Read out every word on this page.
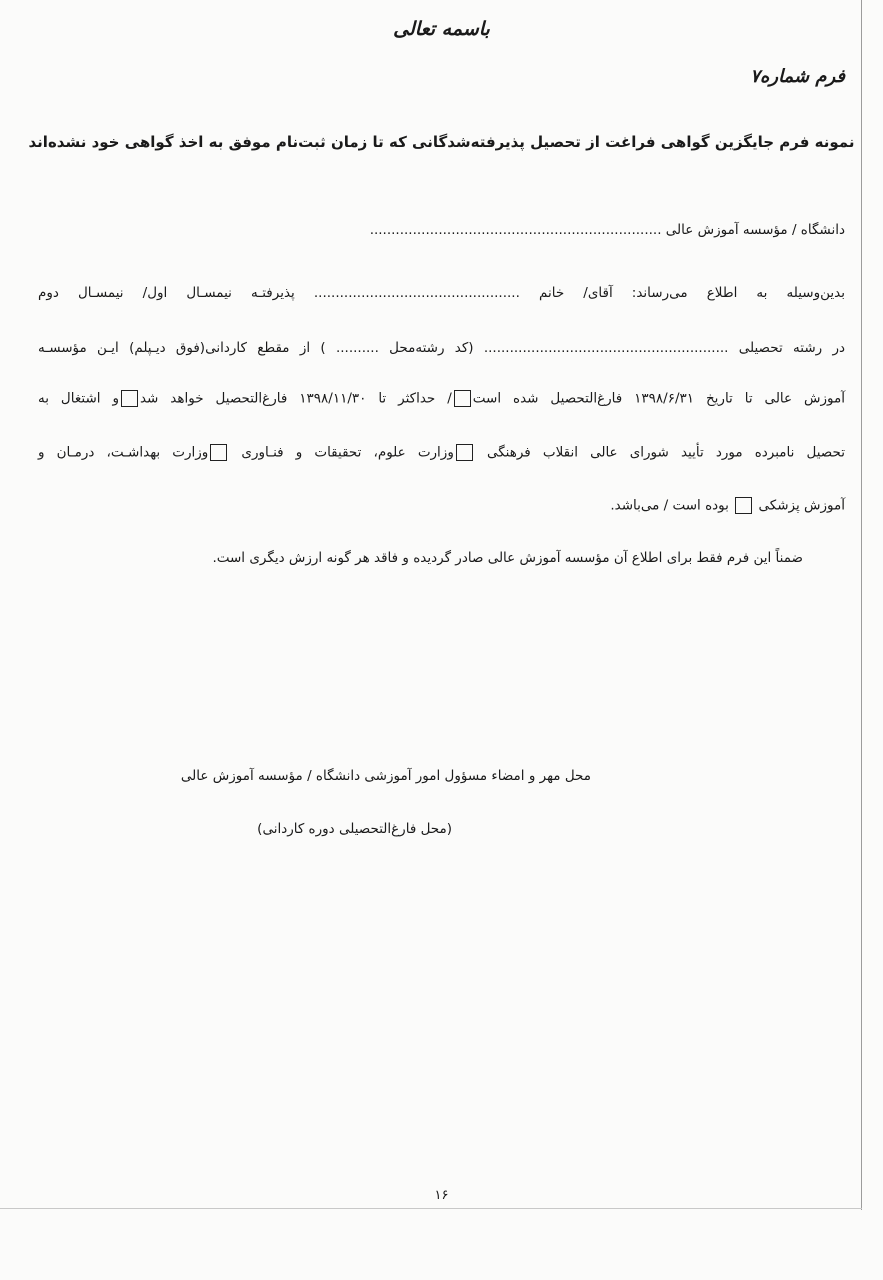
باسمه تعالی
فرم شماره۷
نمونه فرم جایگزین گواهی فراغت از تحصیل پذیرفته‌شدگانی که تا زمان ثبت‌نام موفق به اخذ گواهی خود نشده‌اند
دانشگاه / مؤسسه آموزش عالی ....................................................................
بدین‌وسیله به اطلاع می‌رساند: آقای/ خانم ................................................ پذیرفتـه نیمسـال اول/ نیمسـال دوم
در رشته تحصیلی ......................................................... (کد رشته‌محل .......... ) از مقطع کاردانی(فوق دیـپلم) ایـن مؤسسـه
آموزش عالی تا تاریخ ۱۳۹۸/۶/۳۱ فارغ‌التحصیل شده است/ حداکثر تا ۱۳۹۸/۱۱/۳۰ فارغ‌التحصیل خواهد شدو اشتغال به
تحصیل نامبرده مورد تأیید شورای عالی انقلاب فرهنگی وزارت علوم، تحقیقات و فنـاوری وزارت بهداشـت، درمـان و
آموزش پزشکی  بوده است / می‌باشد.
ضمناً این فرم فقط برای اطلاع آن مؤسسه آموزش عالی صادر گردیده و فاقد هر گونه ارزش دیگری است.
محل مهر و امضاء مسؤول امور آموزشی دانشگاه / مؤسسه آموزش عالی
(محل فارغ‌التحصیلی دوره کاردانی)
۱۶
